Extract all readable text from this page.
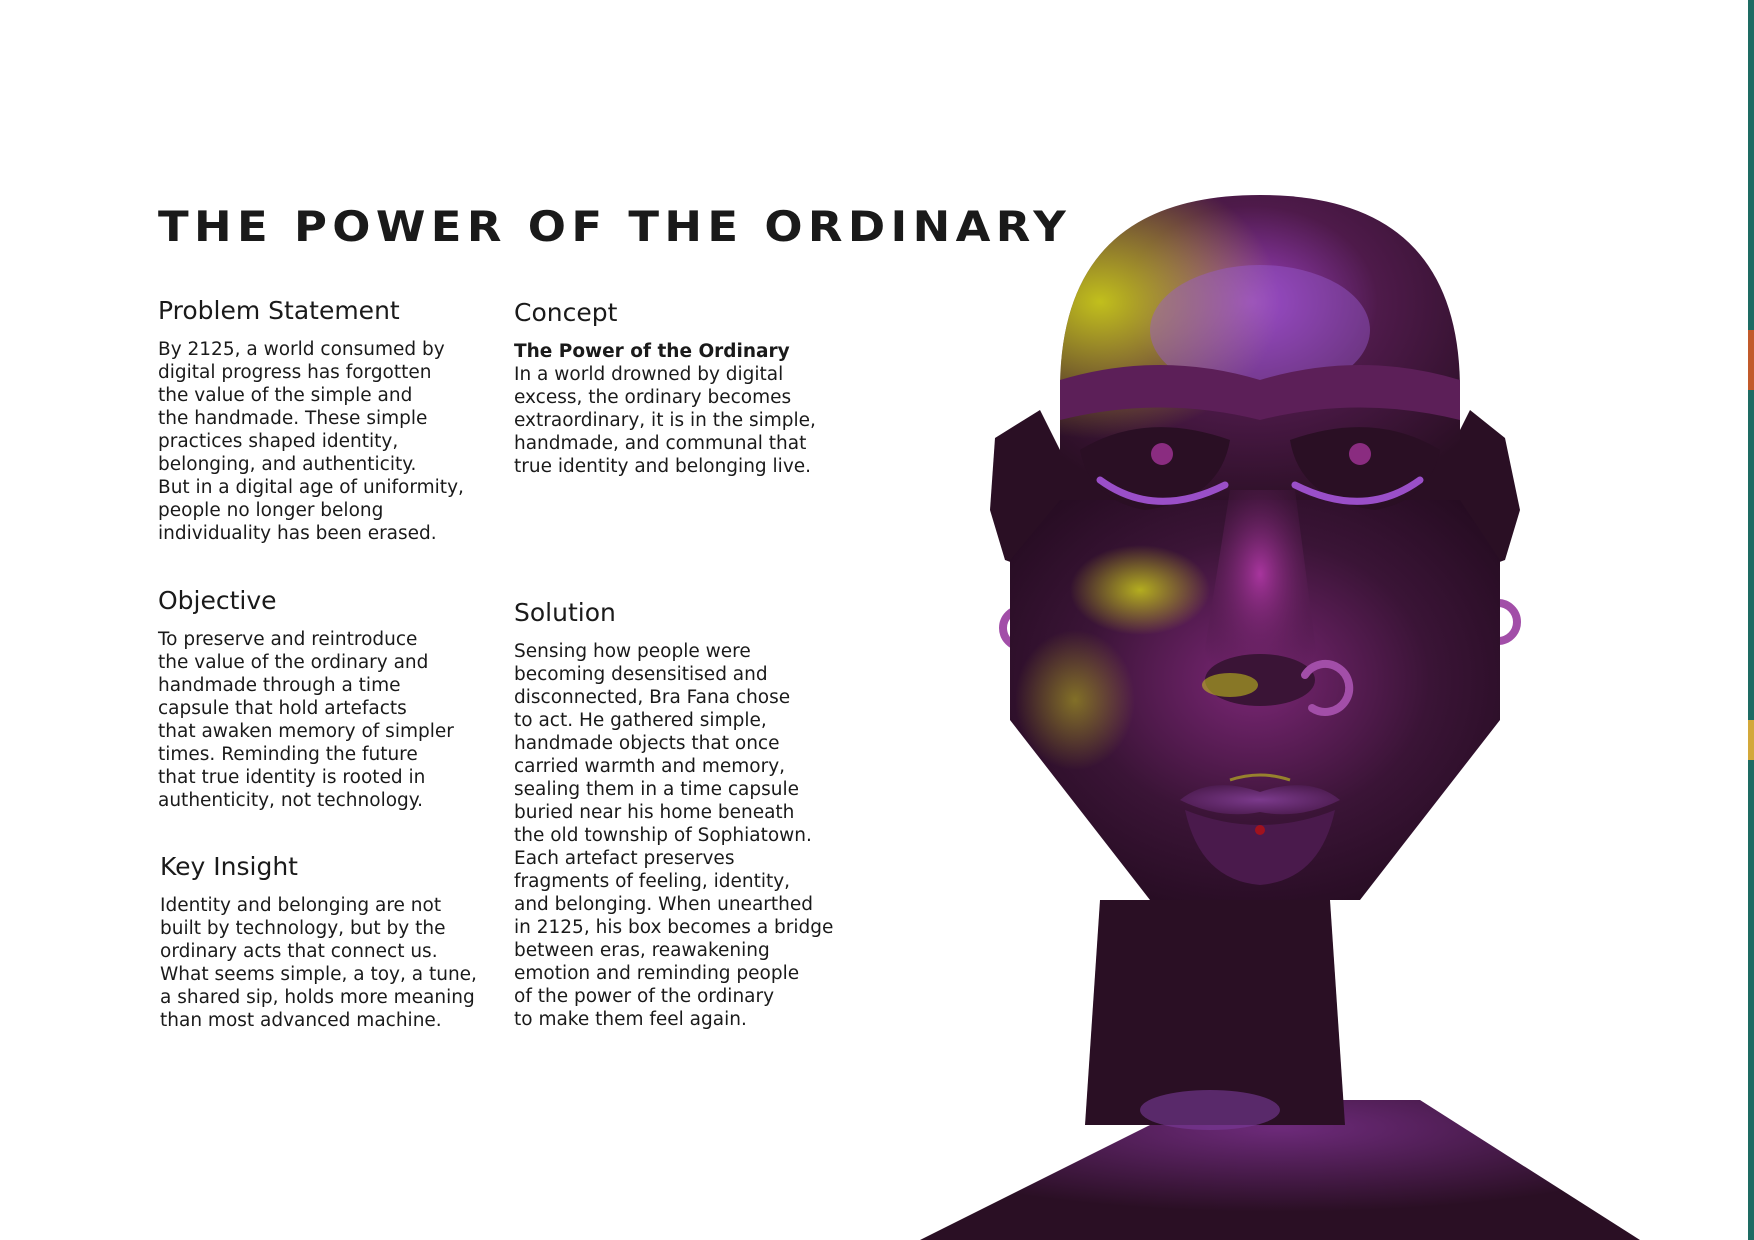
THE POWER OF THE ORDINARY
Problem Statement

By 2125, a world consumed by
digital progress has forgotten
the value of the simple and
the handmade. These simple
practices shaped identity,
belonging, and authenticity.
But in a digital age of uniformity,
people no longer belong
individuality has been erased.

Objective

To preserve and reintroduce
the value of the ordinary and
handmade through a time
capsule that hold artefacts
that awaken memory of simpler
times. Reminding the future
that true identity is rooted in
authenticity, not technology.

Key Insight

Identity and belonging are not
built by technology, but by the
ordinary acts that connect us.
What seems simple, a toy, a tune,
a shared sip, holds more meaning
than most advanced machine.

Concept
The Power of the Ordinary

In a world drowned by digital
excess, the ordinary becomes
extraordinary, it is in the simple,
handmade, and communal that
true identity and belonging live.

Solution

Sensing how people were
becoming desensitised and
disconnected, Bra Fana chose
to act. He gathered simple,
handmade objects that once
carried warmth and memory,
sealing them in a time capsule
buried near his home beneath
the old township of Sophiatown.
Each artefact preserves
fragments of feeling, identity,
and belonging. When unearthed
in 2125, his box becomes a bridge
between eras, reawakening
emotion and reminding people
of the power of the ordinary
to make them feel again.
